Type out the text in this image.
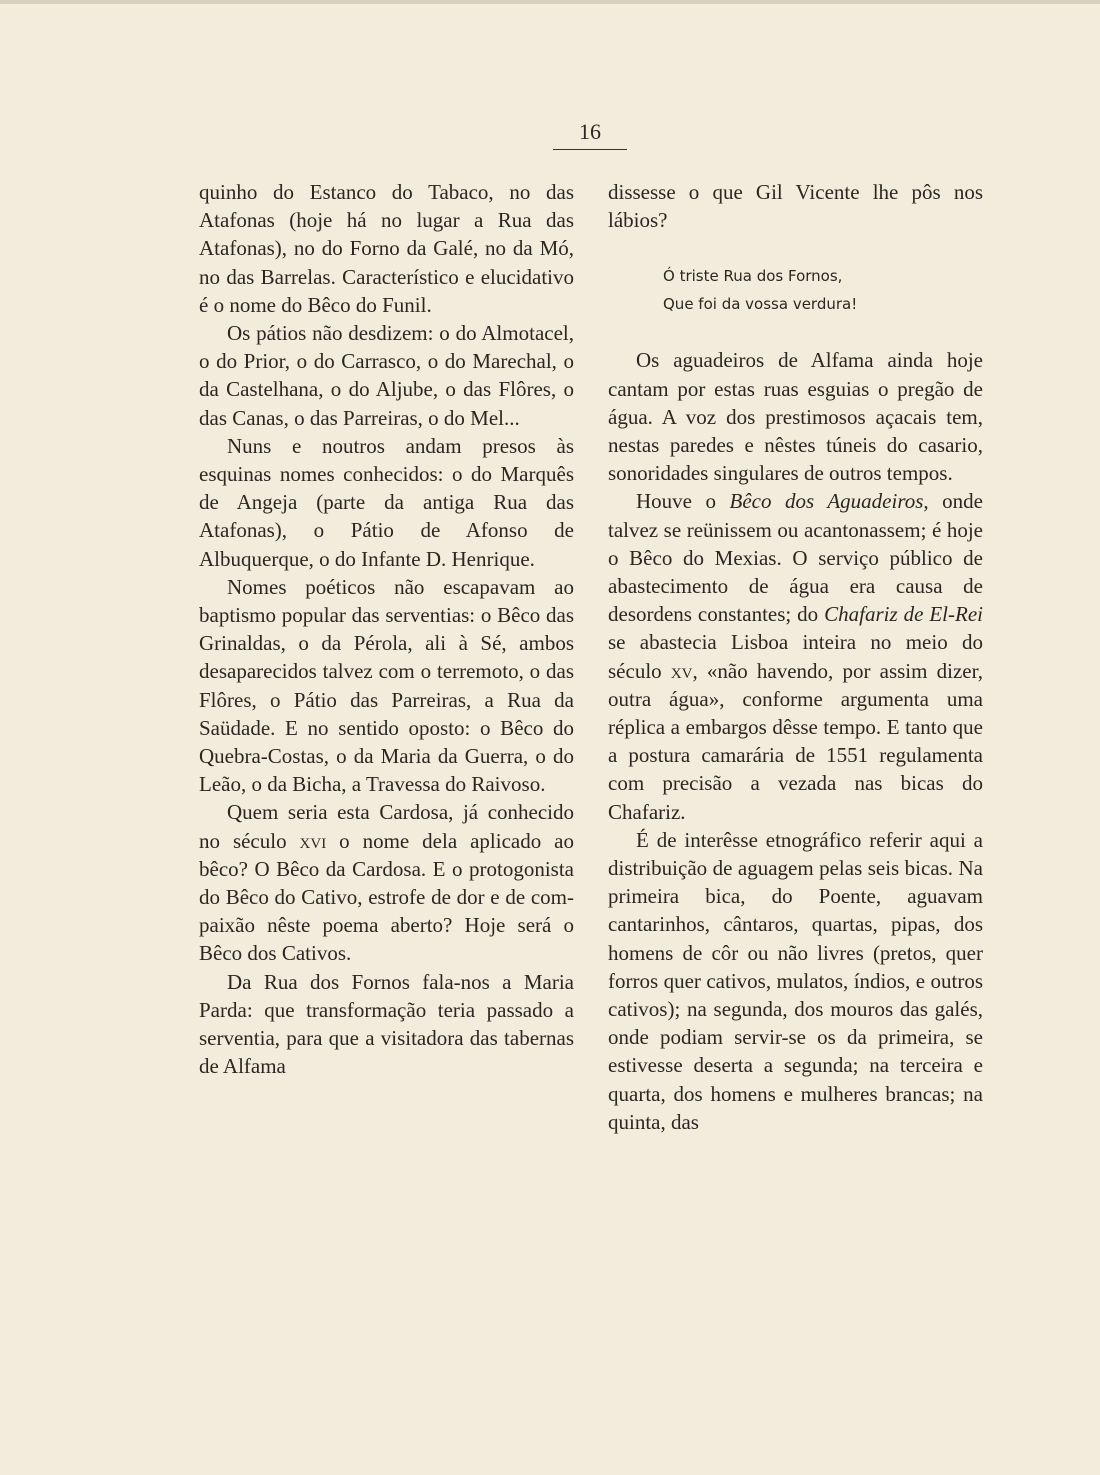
16

quinho do Estanco do Tabaco, no das Atafonas (hoje há no lugar a Rua das Atafonas), no do Forno da Galé, no da Mó, no das Barrelas. Característico e elucidativo é o nome do Bêco do Funil.

Os pátios não desdizem: o do Almotacel, o do Prior, o do Carrasco, o do Marechal, o da Castelhana, o do Aljube, o das Flôres, o das Canas, o das Parreiras, o do Mel...

Nuns e noutros andam presos às esquinas nomes conhecidos: o do Marquês de Angeja (parte da antiga Rua das Atafonas), o Pátio de Afonso de Albuquerque, o do Infante D. Henrique.

Nomes poéticos não escapavam ao baptismo popular das serventias: o Bêco das Grinaldas, o da Pérola, ali à Sé, ambos desaparecidos talvez com o terremoto, o das Flôres, o Pátio das Parreiras, a Rua da Saüdade. E no sentido oposto: o Bêco do Quebra-Costas, o da Maria da Guerra, o do Leão, o da Bicha, a Travessa do Raivoso.

Quem seria esta Cardosa, já conhecido no século xvi o nome dela aplicado ao bêco? O Bêco da Cardosa. E o protogonista do Bêco do Cativo, estrofe de dor e de compaixão nêste poema aberto? Hoje será o Bêco dos Cativos.

Da Rua dos Fornos fala-nos a Maria Parda: que transformação teria passado a serventia, para que a visitadora das tabernas de Alfama

dissesse o que Gil Vicente lhe pôs nos lábios?

Ó triste Rua dos Fornos,
Que foi da vossa verdura!

Os aguadeiros de Alfama ainda hoje cantam por estas ruas esguias o pregão de água. A voz dos prestimosos açacais tem, nestas paredes e nêstes túneis do casario, sonoridades singulares de outros tempos.

Houve o Bêco dos Aguadeiros, onde talvez se reünissem ou acantonassem; é hoje o Bêco do Mexias. O serviço público de abastecimento de água era causa de desordens constantes; do Chafariz de El-Rei se abastecia Lisboa inteira no meio do século xv, «não havendo, por assim dizer, outra água», conforme argumenta uma réplica a embargos dêsse tempo. E tanto que a postura camarária de 1551 regulamenta com precisão a vezada nas bicas do Chafariz.

É de interêsse etnográfico referir aqui a distribuição de aguagem pelas seis bicas. Na primeira bica, do Poente, aguavam cantarinhos, cântaros, quartas, pipas, dos homens de côr ou não livres (pretos, quer forros quer cativos, mulatos, índios, e outros cativos); na segunda, dos mouros das galés, onde podiam servir-se os da primeira, se estivesse deserta a segunda; na terceira e quarta, dos homens e mulheres brancas; na quinta, das
